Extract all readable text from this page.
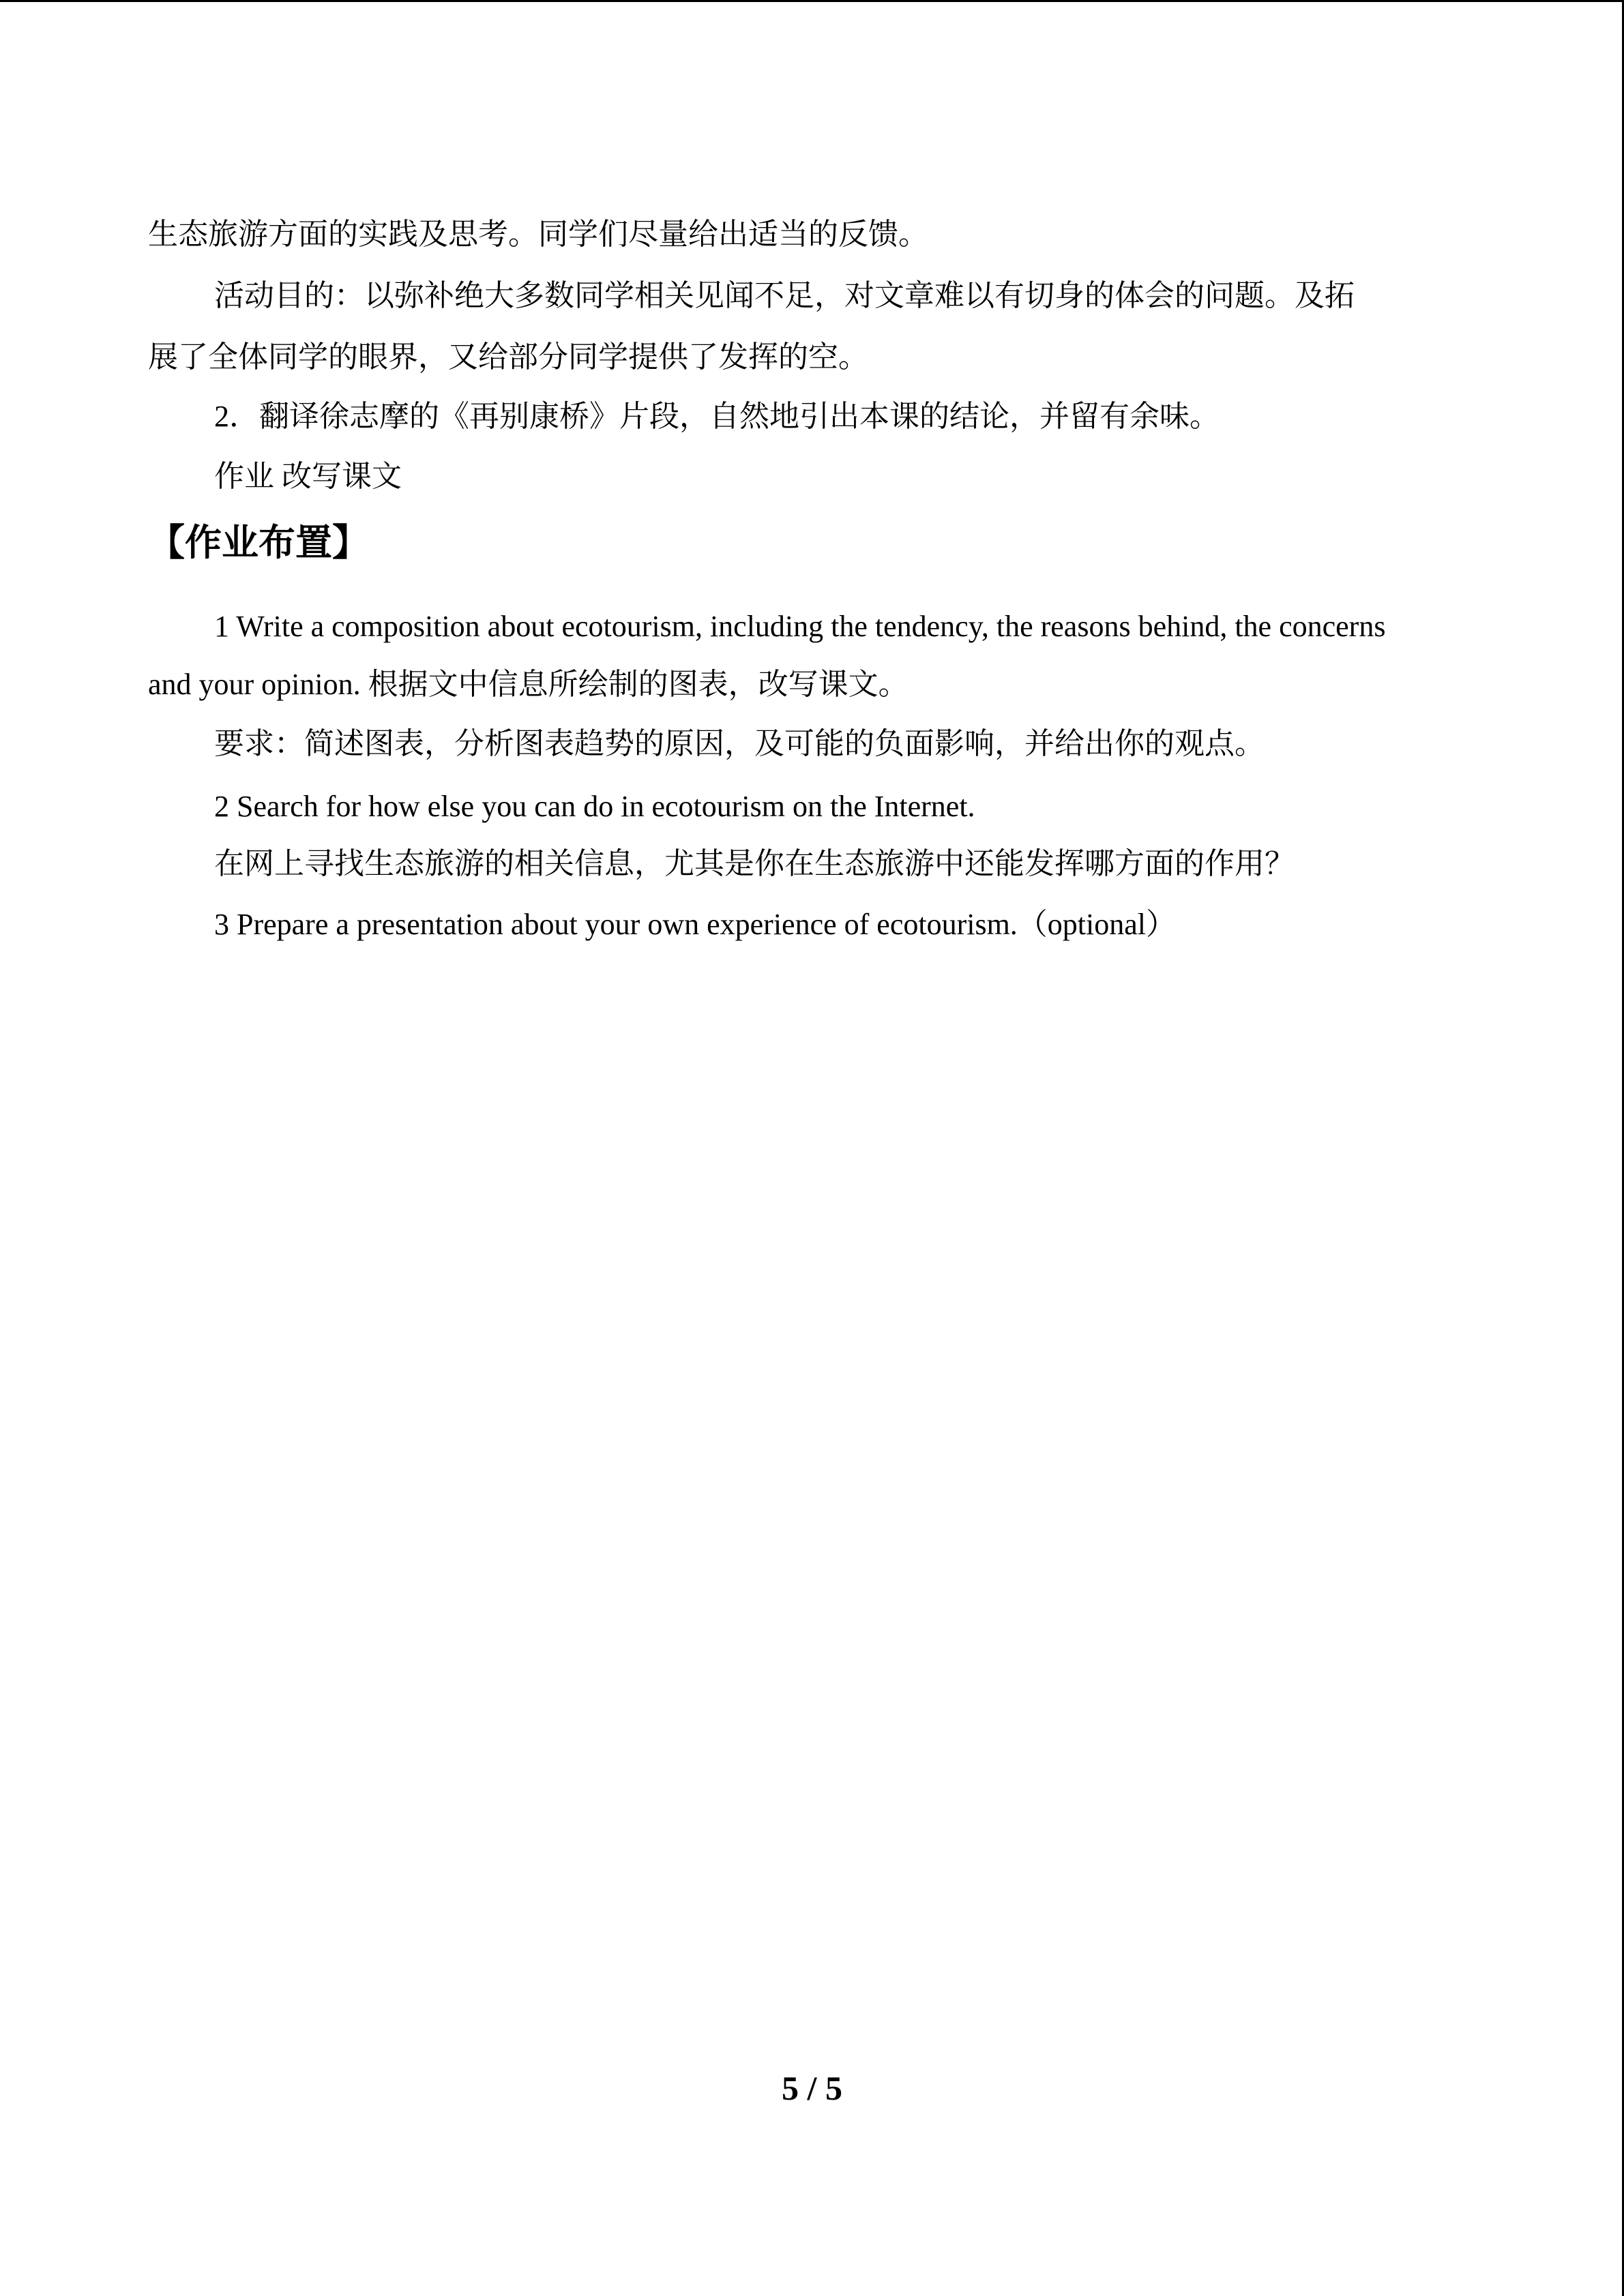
生态旅游方面的实践及思考。同学们尽量给出适当的反馈。
活动目的：以弥补绝大多数同学相关见闻不足，对文章难以有切身的体会的问题。及拓
展了全体同学的眼界，又给部分同学提供了发挥的空。
2．翻译徐志摩的《再别康桥》片段，自然地引出本课的结论，并留有余味。
作业 改写课文
【作业布置】
1 Write a composition about ecotourism, including the tendency, the reasons behind, the concerns
and your opinion. 根据文中信息所绘制的图表，改写课文。
要求：简述图表，分析图表趋势的原因，及可能的负面影响，并给出你的观点。
2 Search for how else you can do in ecotourism on the Internet.
在网上寻找生态旅游的相关信息，尤其是你在生态旅游中还能发挥哪方面的作用？
3 Prepare a presentation about your own experience of ecotourism.（optional）
5 / 5
